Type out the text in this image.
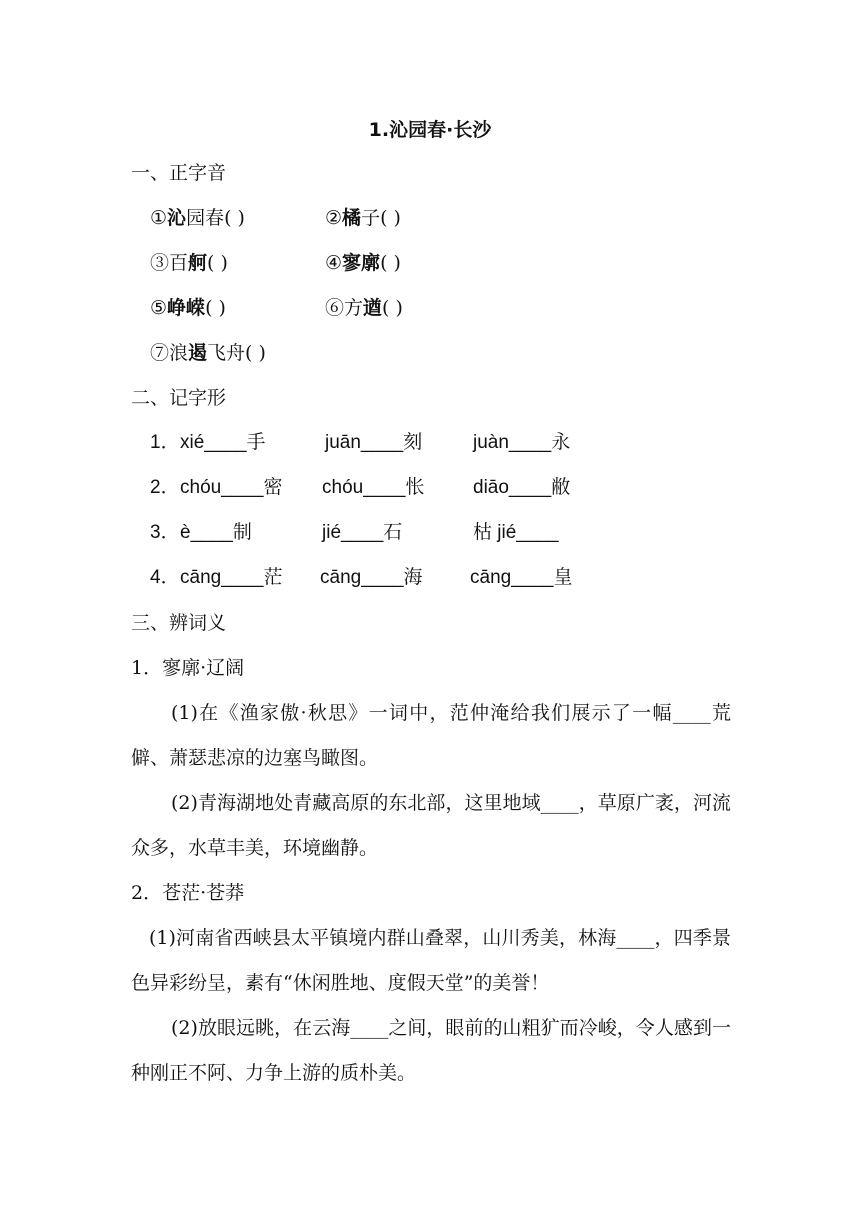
1.沁园春·长沙
一、正字音
①沁园春( )	②橘子( )
③百舸( )	④寥廓( )
⑤峥嵘( )	⑥方遒( )
⑦浪遏飞舟( )
二、记字形
1． xié____手	juān____刻	juàn____永
2． chóu____密 chóu____怅	diāo____敝
3． è____制	jié____石	枯 jié____
4． cāng____茫 cāng____海	cāng____皇
三、辨词义
1．寥廓·辽阔
(1)在《渔家傲·秋思》一词中，范仲淹给我们展示了一幅____荒僻、萧瑟悲凉的边塞鸟瞰图。
(2)青海湖地处青藏高原的东北部，这里地域____，草原广袤，河流众多，水草丰美，环境幽静。
2．苍茫·苍莽
(1)河南省西峡县太平镇境内群山叠翠，山川秀美，林海____，四季景色异彩纷呈，素有“休闲胜地、度假天堂”的美誉！
(2)放眼远眺，在云海____之间，眼前的山粗犷而冷峻，令人感到一种刚正不阿、力争上游的质朴美。
